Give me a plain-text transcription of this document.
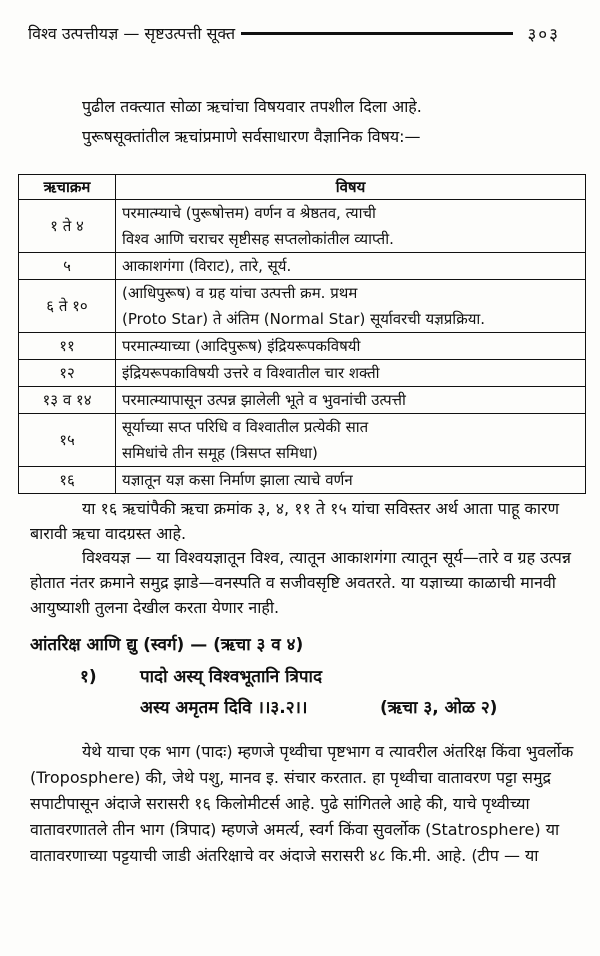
विश्व उत्पत्तीयज्ञ — सृष्टउत्पत्ती सूक्त	३०३
पुढील तक्त्यात सोळा ऋचांचा विषयवार तपशील दिला आहे.
पुरूषसूक्तांतील ऋचांप्रमाणे सर्वसाधारण वैज्ञानिक विषय:—
ऋचाक्रम	विषय
१ ते ४	परमात्म्याचे (पुरूषोत्तम) वर्णन व श्रेष्ठतव, त्याची
विश्व आणि चराचर सृष्टीसह सप्तलोकांतील व्याप्ती.

५	आकाशगंगा (विराट), तारे, सूर्य.

६ ते १०	(आधिपुरूष) व ग्रह यांचा उत्पत्ती क्रम. प्रथम
(Proto Star) ते अंतिम (Normal Star) सूर्यावरची यज्ञप्रक्रिया.

११	परमात्म्याच्या (आदिपुरूष) इंद्रियरूपकविषयी

१२	इंद्रियरूपकाविषयी उत्तरे व विश्वातील चार शक्ती

१३ व १४	परमात्म्यापासून उत्पन्न झालेली भूते व भुवनांची उत्पत्ती

१५	सूर्याच्या सप्त परिधि व विश्वातील प्रत्येकी सात
समिधांचे तीन समूह (त्रिसप्त समिधा)

१६	यज्ञातून यज्ञ कसा निर्माण झाला त्याचे वर्णन
या १६ ऋचांपैकी ऋचा क्रमांक ३, ४, ११ ते १५ यांचा सविस्तर अर्थ आता पाहू कारण बारावी ऋचा वादग्रस्त आहे.
विश्वयज्ञ — या विश्वयज्ञातून विश्व, त्यातून आकाशगंगा त्यातून सूर्य—तारे व ग्रह उत्पन्न होतात नंतर क्रमाने समुद्र झाडे—वनस्पति व सजीवसृष्टि अवतरते. या यज्ञाच्या काळाची मानवी आयुष्याशी तुलना देखील करता येणार नाही.
आंतरिक्ष आणि द्यु (स्वर्ग) — (ऋचा ३ व ४)
१)	पादो अस्य् विश्वभूतानि त्रिपाद
अस्य अमृतम दिवि ।।३.२।।	(ऋचा ३, ओळ २)
येथे याचा एक भाग (पादः) म्हणजे पृथ्वीचा पृष्टभाग व त्यावरील अंतरिक्ष किंवा भुवर्लोक (Troposphere) की, जेथे पशु, मानव इ. संचार करतात. हा पृथ्वीचा वातावरण पट्टा समुद्र सपाटीपासून अंदाजे सरासरी १६ किलोमीटर्स आहे. पुढे सांगितले आहे की, याचे पृथ्वीच्या वातावरणातले तीन भाग (त्रिपाद) म्हणजे अमर्त्य, स्वर्ग किंवा सुवर्लोक (Statrosphere) या वातावरणाच्या पट्टयाची जाडी अंतरिक्षाचे वर अंदाजे सरासरी ४८ कि.मी. आहे. (टीप — या
